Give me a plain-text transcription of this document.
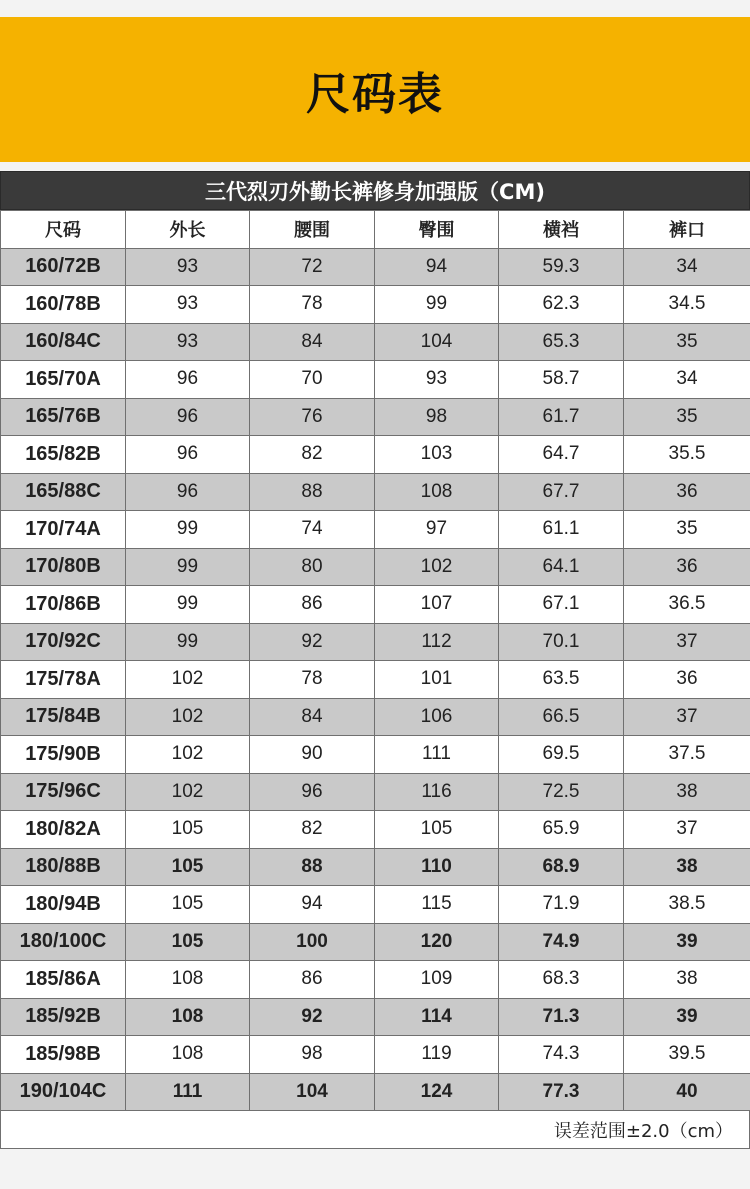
尺码表
三代烈刃外勤长裤修身加强版（CM)
尺码	外长	腰围	臀围	横裆	裤口
160/72B	93	72	94	59.3	34
160/78B	93	78	99	62.3	34.5
160/84C	93	84	104	65.3	35
165/70A	96	70	93	58.7	34
165/76B	96	76	98	61.7	35
165/82B	96	82	103	64.7	35.5
165/88C	96	88	108	67.7	36
170/74A	99	74	97	61.1	35
170/80B	99	80	102	64.1	36
170/86B	99	86	107	67.1	36.5
170/92C	99	92	112	70.1	37
175/78A	102	78	101	63.5	36
175/84B	102	84	106	66.5	37
175/90B	102	90	111	69.5	37.5
175/96C	102	96	116	72.5	38
180/82A	105	82	105	65.9	37
180/88B	105	88	110	68.9	38
180/94B	105	94	115	71.9	38.5
180/100C	105	100	120	74.9	39
185/86A	108	86	109	68.3	38
185/92B	108	92	114	71.3	39
185/98B	108	98	119	74.3	39.5
190/104C	111	104	124	77.3	40
误差范围±2.0（cm）
